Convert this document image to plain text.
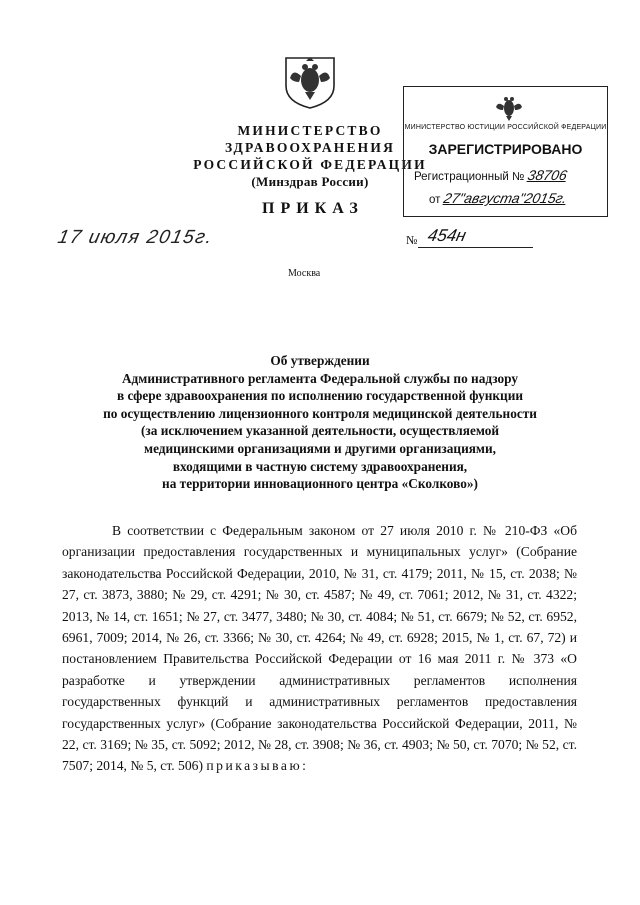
МИНИСТЕРСТВО ЗДРАВООХРАНЕНИЯ
РОССИЙСКОЙ ФЕДЕРАЦИИ
(Минздрав России)
МИНИСТЕРСТВО ЮСТИЦИИ РОССИЙСКОЙ ФЕДЕРАЦИИ
ЗАРЕГИСТРИРОВАНО
Регистрационный № 38706
от 27"августа"2015г.
ПРИКАЗ
17 июля 2015г.	№ 454н
Москва
Об утверждении
Административного регламента Федеральной службы по надзору
в сфере здравоохранения по исполнению государственной функции
по осуществлению лицензионного контроля медицинской деятельности
(за исключением указанной деятельности, осуществляемой
медицинскими организациями и другими организациями,
входящими в частную систему здравоохранения,
на территории инновационного центра «Сколково»)

В соответствии с Федеральным законом от 27 июля 2010 г. № 210-ФЗ «Об организации предоставления государственных и муниципальных услуг» (Собрание законодательства Российской Федерации, 2010, № 31, ст. 4179; 2011, № 15, ст. 2038; № 27, ст. 3873, 3880; № 29, ст. 4291; № 30, ст. 4587; № 49, ст. 7061; 2012, № 31, ст. 4322; 2013, № 14, ст. 1651; № 27, ст. 3477, 3480; № 30, ст. 4084; № 51, ст. 6679; № 52, ст. 6952, 6961, 7009; 2014, № 26, ст. 3366; № 30, ст. 4264; № 49, ст. 6928; 2015, № 1, ст. 67, 72) и постановлением Правительства Российской Федерации от 16 мая 2011 г. № 373 «О разработке и утверждении административных регламентов исполнения государственных функций и административных регламентов предоставления государственных услуг» (Собрание законодательства Российской Федерации, 2011, № 22, ст. 3169; № 35, ст. 5092; 2012, № 28, ст. 3908; № 36, ст. 4903; № 50, ст. 7070; № 52, ст. 7507; 2014, № 5, ст. 506) приказываю:
